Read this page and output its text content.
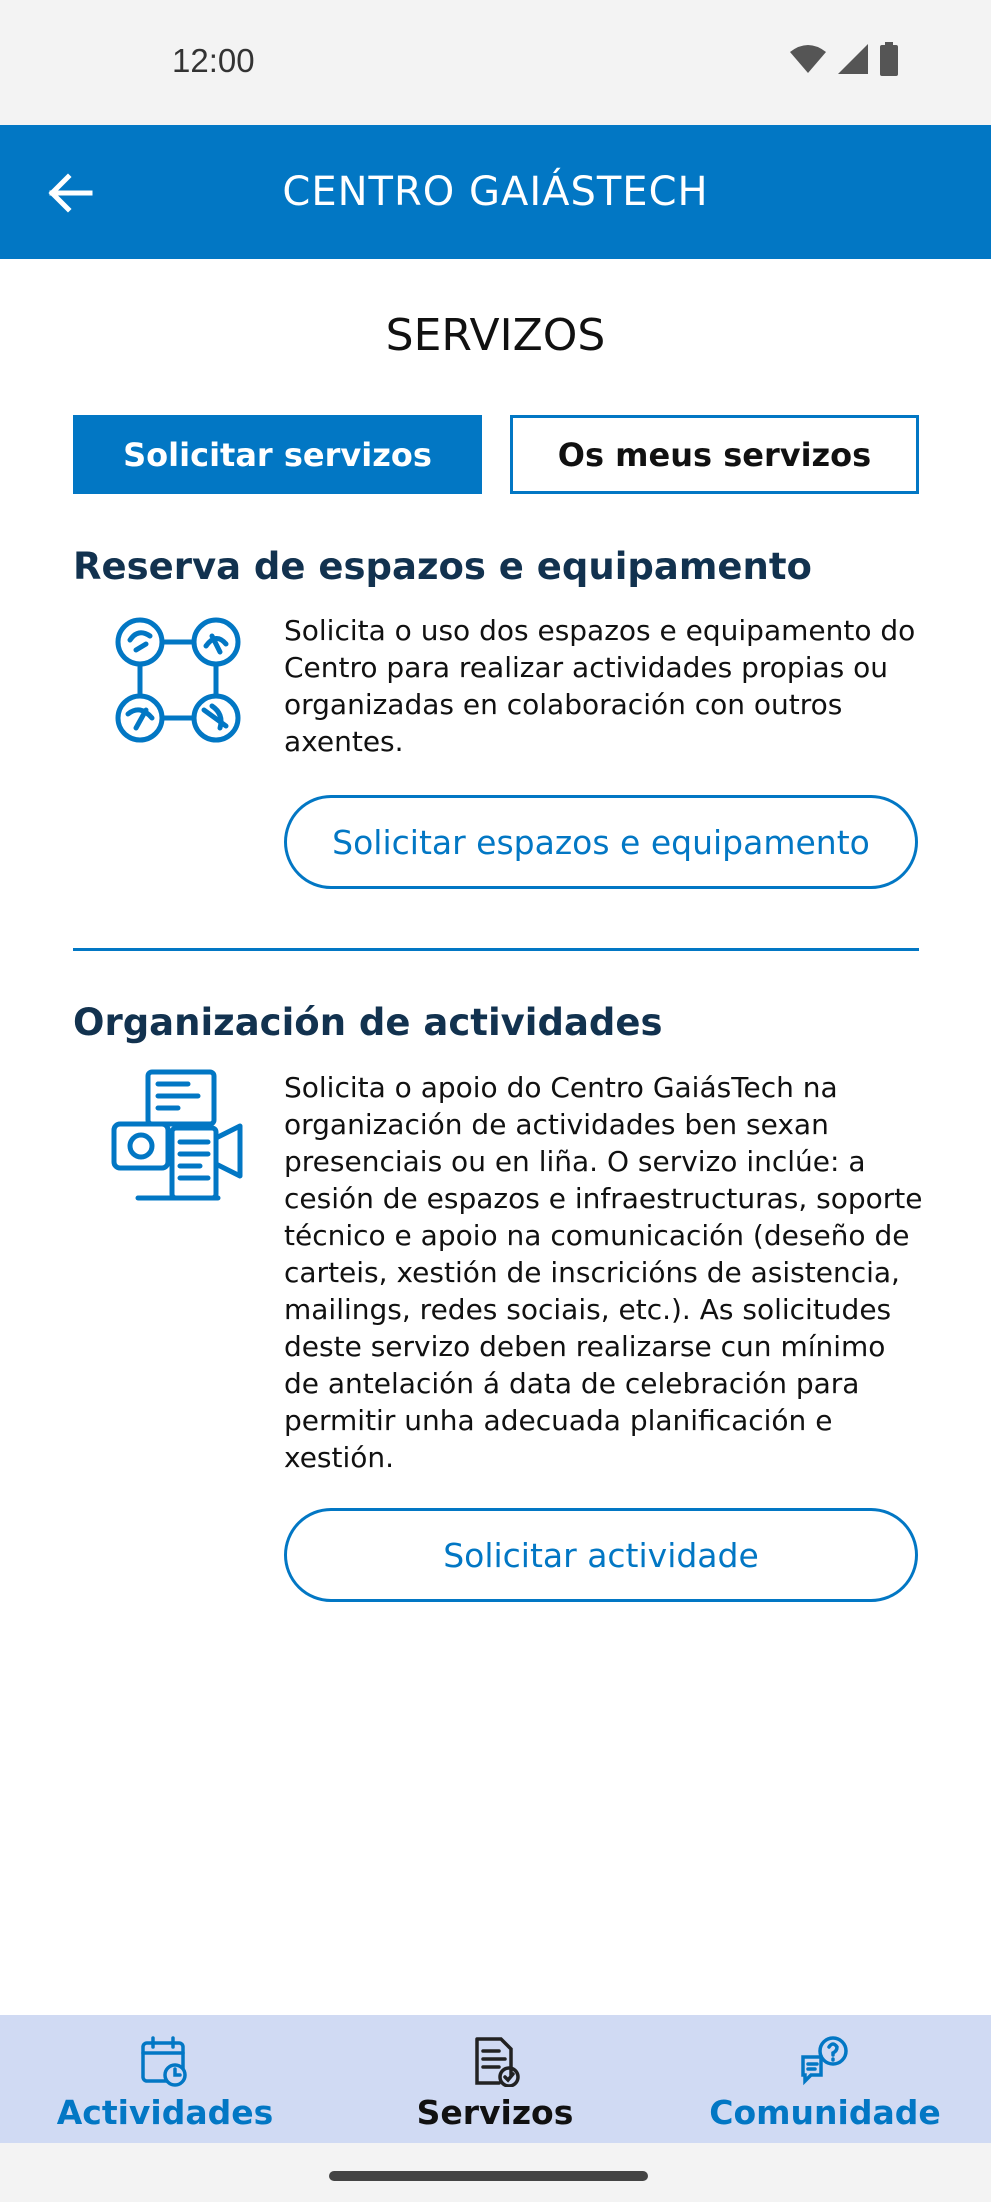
12:00
CENTRO GAIÁSTECH
SERVIZOS
Solicitar servizos	Os meus servizos
Reserva de espazos e equipamento
Solicita o uso dos espazos e equipamento do Centro para realizar actividades propias ou organizadas en colaboración con outros axentes.
Solicitar espazos e equipamento
Organización de actividades
Solicita o apoio do Centro GaiásTech na organización de actividades ben sexan presenciais ou en liña. O servizo inclúe: a cesión de espazos e infraestructuras, soporte técnico e apoio na comunicación (deseño de carteis, xestión de inscricións de asistencia, mailings, redes sociais, etc.). As solicitudes deste servizo deben realizarse cun mínimo de antelación á data de celebración para permitir unha adecuada planificación e xestión.
Solicitar actividade
Actividades	Servizos	Comunidade
